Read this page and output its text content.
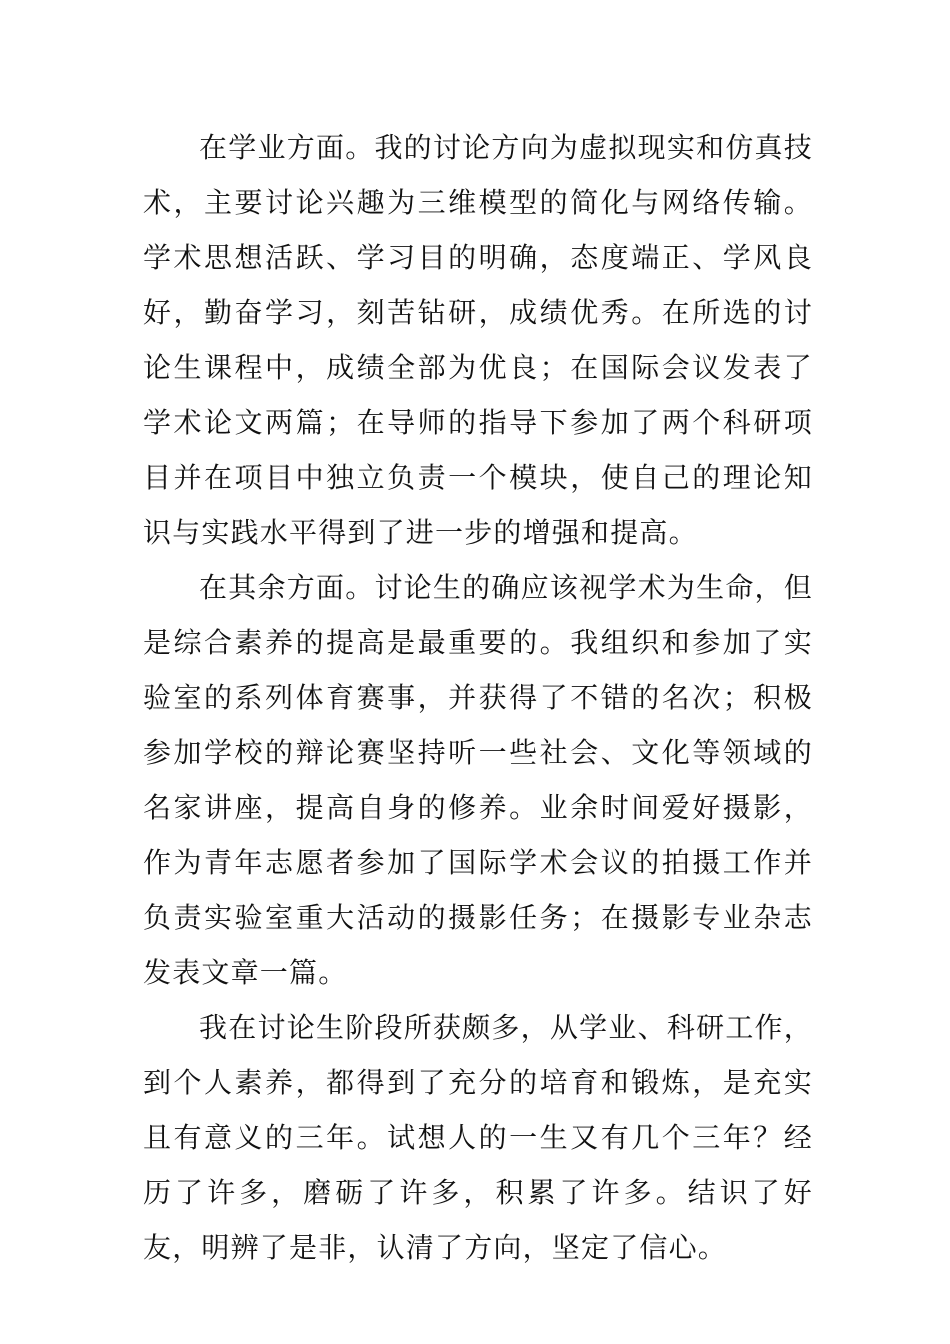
在学业方面。我的讨论方向为虚拟现实和仿真技术，主要讨论兴趣为三维模型的简化与网络传输。学术思想活跃、学习目的明确，态度端正、学风良好，勤奋学习，刻苦钻研，成绩优秀。在所选的讨论生课程中，成绩全部为优良；在国际会议发表了学术论文两篇；在导师的指导下参加了两个科研项目并在项目中独立负责一个模块，使自己的理论知识与实践水平得到了进一步的增强和提高。

在其余方面。讨论生的确应该视学术为生命，但是综合素养的提高是最重要的。我组织和参加了实验室的系列体育赛事，并获得了不错的名次；积极参加学校的辩论赛坚持听一些社会、文化等领域的名家讲座，提高自身的修养。业余时间爱好摄影，作为青年志愿者参加了国际学术会议的拍摄工作并负责实验室重大活动的摄影任务；在摄影专业杂志发表文章一篇。

我在讨论生阶段所获颇多，从学业、科研工作，到个人素养，都得到了充分的培育和锻炼，是充实且有意义的三年。试想人的一生又有几个三年？经历了许多，磨砺了许多，积累了许多。结识了好友，明辨了是非，认清了方向，坚定了信心。
